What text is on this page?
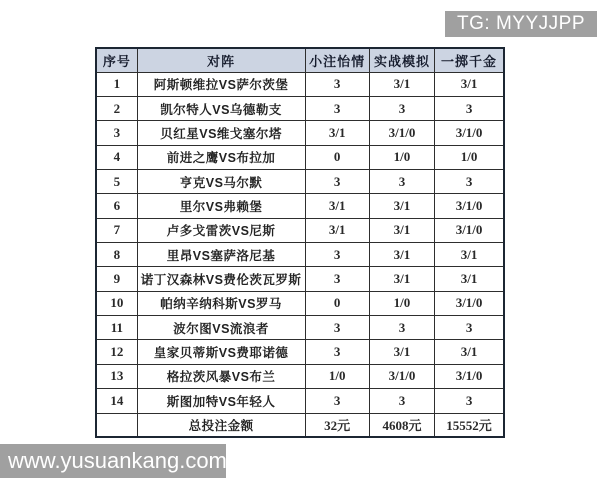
TG: MYYJJPP
序号	对阵	小注怡情	实战模拟	一掷千金
1	阿斯顿维拉VS萨尔茨堡	3	3/1	3/1
2	凯尔特人VS乌德勒支	3	3	3
3	贝红星VS维戈塞尔塔	3/1	3/1/0	3/1/0
4	前进之鹰VS布拉加	0	1/0	1/0
5	亨克VS马尔默	3	3	3
6	里尔VS弗赖堡	3/1	3/1	3/1/0
7	卢多戈雷茨VS尼斯	3/1	3/1	3/1/0
8	里昂VS塞萨洛尼基	3	3/1	3/1
9	诺丁汉森林VS费伦茨瓦罗斯	3	3/1	3/1
10	帕纳辛纳科斯VS罗马	0	1/0	3/1/0
11	波尔图VS流浪者	3	3	3
12	皇家贝蒂斯VS费耶诺德	3	3/1	3/1
13	格拉茨风暴VS布兰	1/0	3/1/0	3/1/0
14	斯图加特VS年轻人	3	3	3
	总投注金额	32元	4608元	15552元
www.yusuankang.com
